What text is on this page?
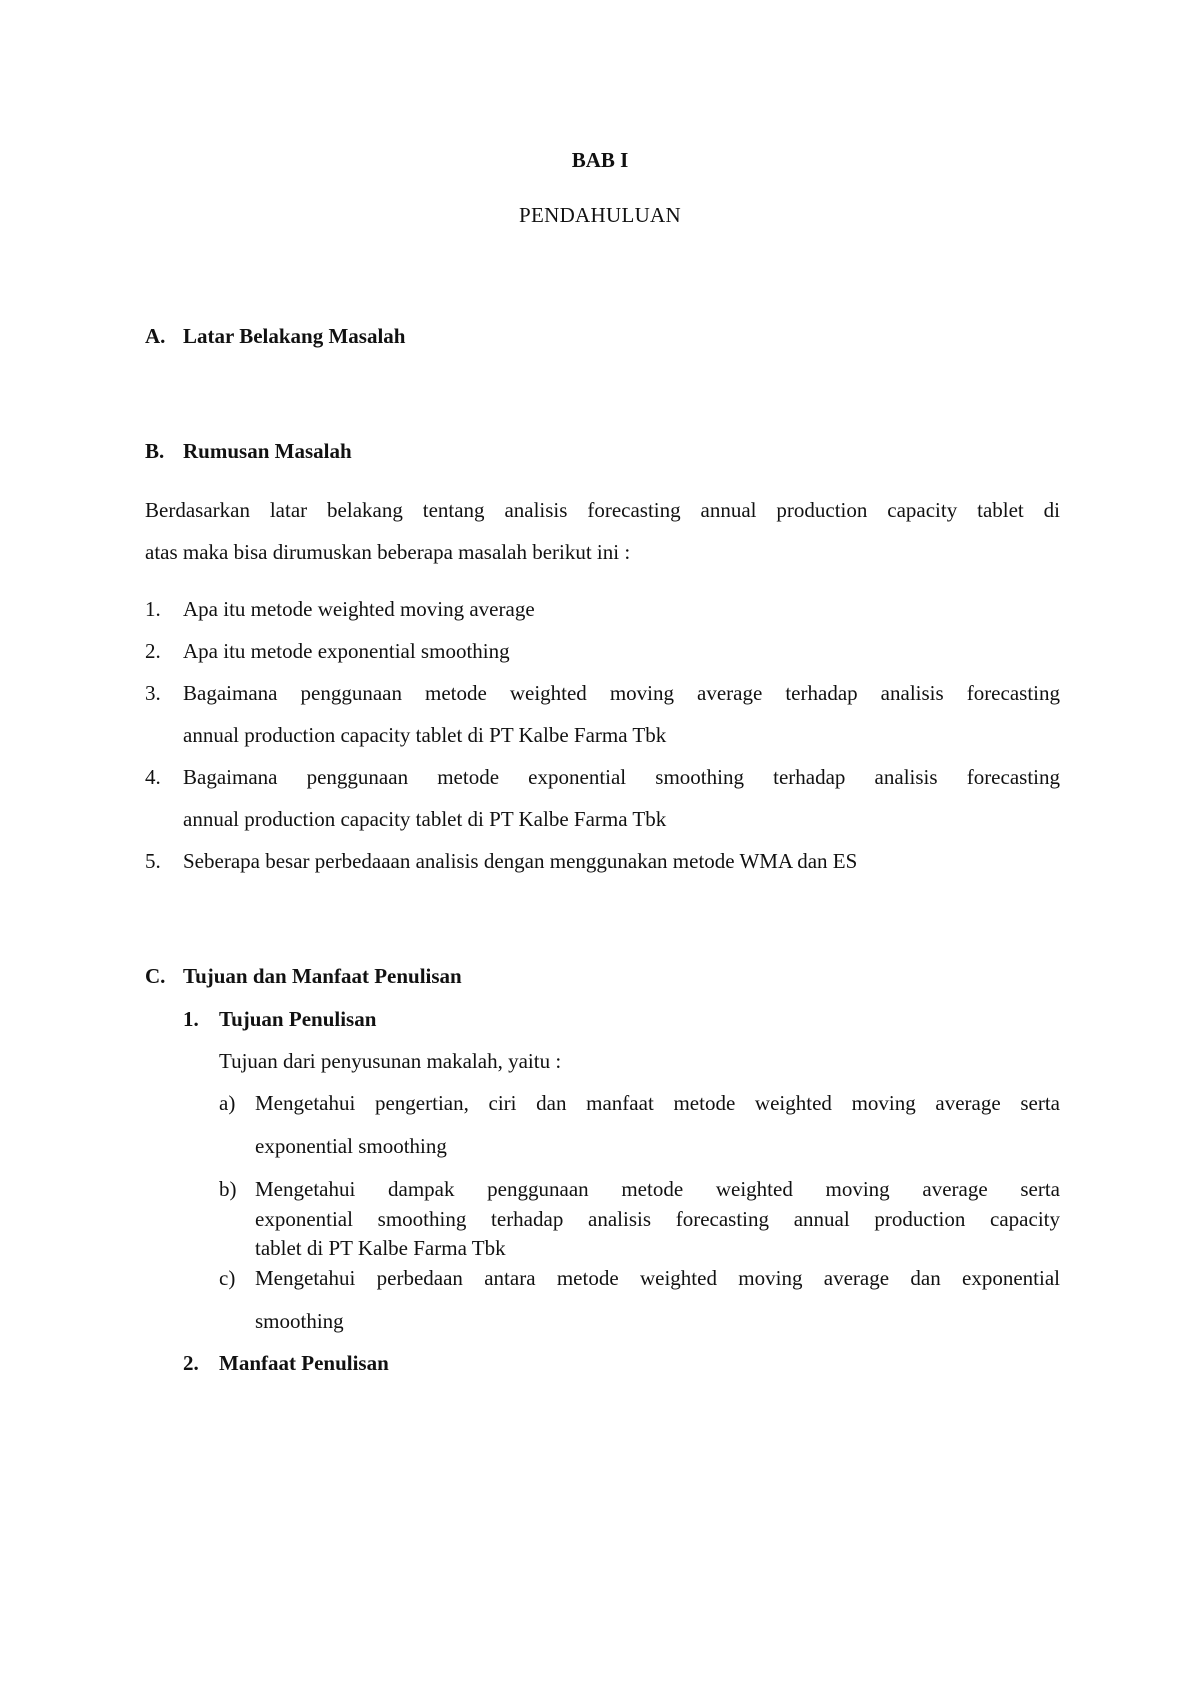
BAB I
PENDAHULUAN
A. Latar Belakang Masalah
B. Rumusan Masalah
Berdasarkan latar belakang tentang analisis forecasting annual production capacity tablet di
atas maka bisa dirumuskan beberapa masalah berikut ini :
1. Apa itu metode weighted moving average
2. Apa itu metode exponential smoothing
3. Bagaimana penggunaan metode weighted moving average terhadap analisis forecasting
annual production capacity tablet di PT Kalbe Farma Tbk
4. Bagaimana penggunaan metode exponential smoothing terhadap analisis forecasting
annual production capacity tablet di PT Kalbe Farma Tbk
5. Seberapa besar perbedaaan analisis dengan menggunakan metode WMA dan ES
C. Tujuan dan Manfaat Penulisan
1. Tujuan Penulisan
Tujuan dari penyusunan makalah, yaitu :
a) Mengetahui pengertian, ciri dan manfaat metode weighted moving average serta
exponential smoothing
b) Mengetahui dampak penggunaan metode weighted moving average serta
exponential smoothing terhadap analisis forecasting annual production capacity
tablet di PT Kalbe Farma Tbk
c) Mengetahui perbedaan antara metode weighted moving average dan exponential
smoothing
2. Manfaat Penulisan
